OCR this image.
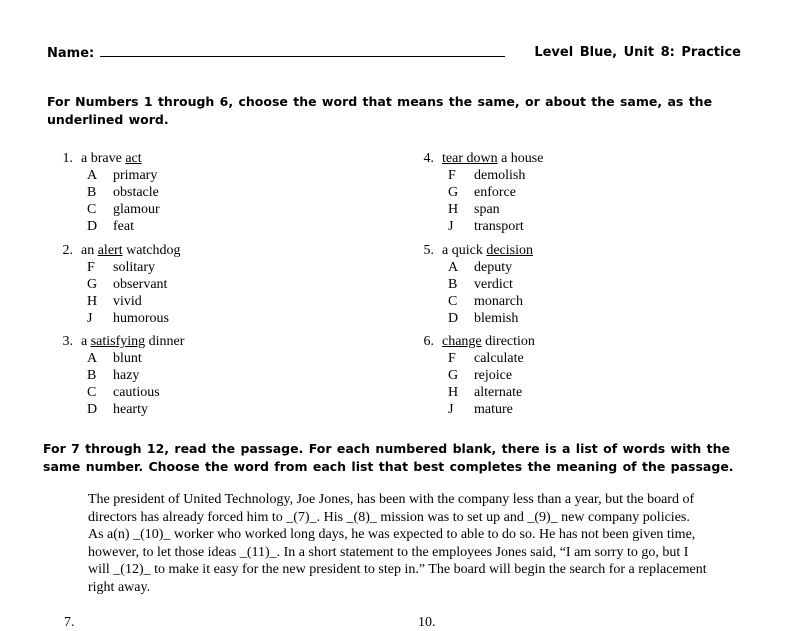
Name:	Level Blue, Unit 8: Practice
For Numbers 1 through 6, choose the word that means the same, or about the same, as the underlined word.
1. a brave act
A primary
B obstacle
C glamour
D feat
2. an alert watchdog
F solitary
G observant
H vivid
J humorous
3. a satisfying dinner
A blunt
B hazy
C cautious
D hearty
4. tear down a house
F demolish
G enforce
H span
J transport
5. a quick decision
A deputy
B verdict
C monarch
D blemish
6. change direction
F calculate
G rejoice
H alternate
J mature
For 7 through 12, read the passage. For each numbered blank, there is a list of words with the same number. Choose the word from each list that best completes the meaning of the passage.

The president of United Technology, Joe Jones, has been with the company less than a year, but the board of directors has already forced him to _(7)_. His _(8)_ mission was to set up and _(9)_ new company policies. As a(n) _(10)_ worker who worked long days, he was expected to able to do so. He has not been given time, however, to let those ideas _(11)_. In a short statement to the employees Jones said, “I am sorry to go, but I will _(12)_ to make it easy for the new president to step in.” The board will begin the search for a replacement right away.

7.	10.
